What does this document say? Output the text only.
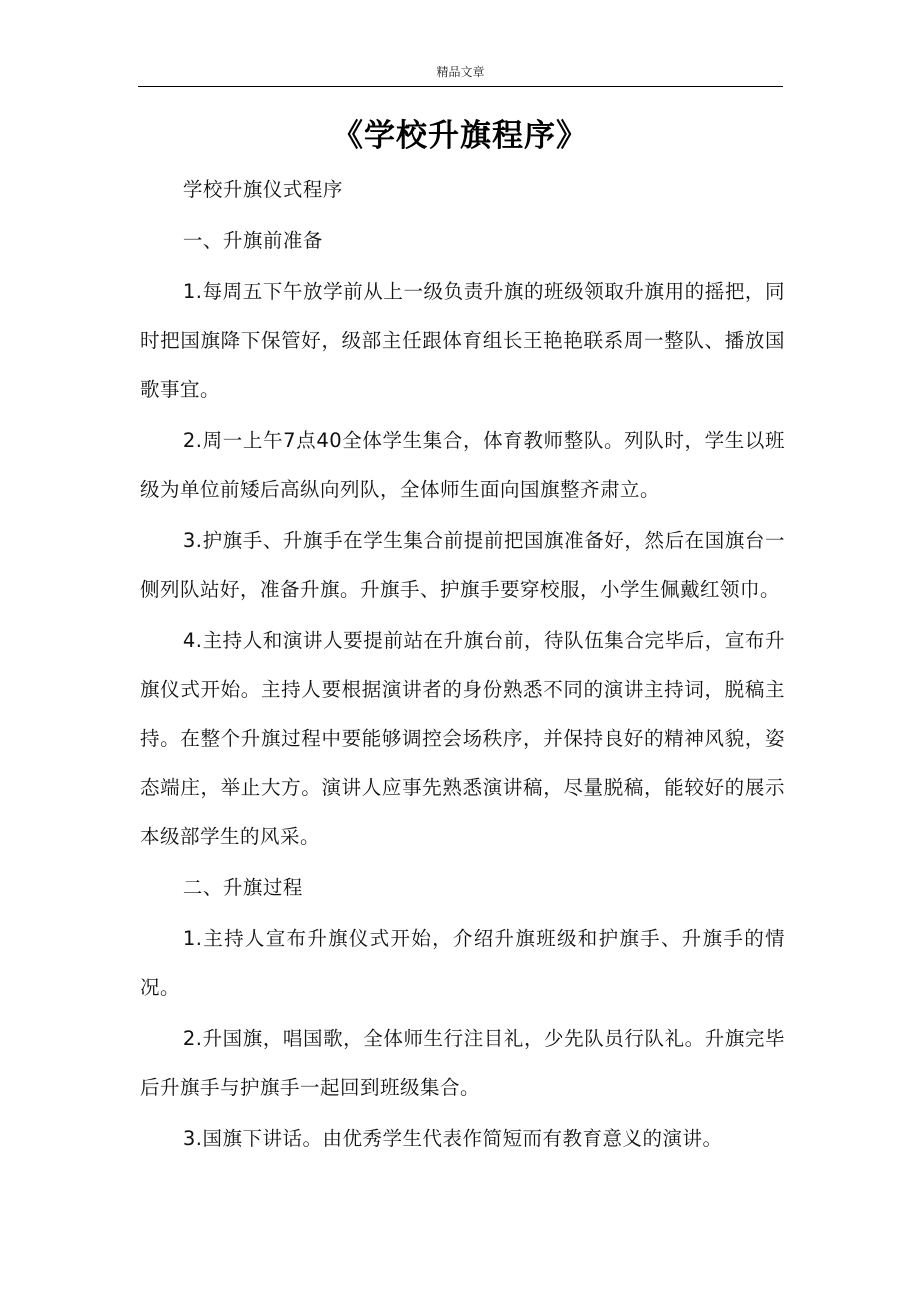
精品文章
《学校升旗程序》

学校升旗仪式程序

一、升旗前准备

1.每周五下午放学前从上一级负责升旗的班级领取升旗用的摇把，同时把国旗降下保管好，级部主任跟体育组长王艳艳联系周一整队、播放国歌事宜。

2.周一上午7点40全体学生集合，体育教师整队。列队时，学生以班级为单位前矮后高纵向列队，全体师生面向国旗整齐肃立。

3.护旗手、升旗手在学生集合前提前把国旗准备好，然后在国旗台一侧列队站好，准备升旗。升旗手、护旗手要穿校服，小学生佩戴红领巾。

4.主持人和演讲人要提前站在升旗台前，待队伍集合完毕后，宣布升旗仪式开始。主持人要根据演讲者的身份熟悉不同的演讲主持词，脱稿主持。在整个升旗过程中要能够调控会场秩序，并保持良好的精神风貌，姿态端庄，举止大方。演讲人应事先熟悉演讲稿，尽量脱稿，能较好的展示本级部学生的风采。

二、升旗过程

1.主持人宣布升旗仪式开始，介绍升旗班级和护旗手、升旗手的情况。

2.升国旗，唱国歌，全体师生行注目礼，少先队员行队礼。升旗完毕后升旗手与护旗手一起回到班级集合。

3.国旗下讲话。由优秀学生代表作简短而有教育意义的演讲。
